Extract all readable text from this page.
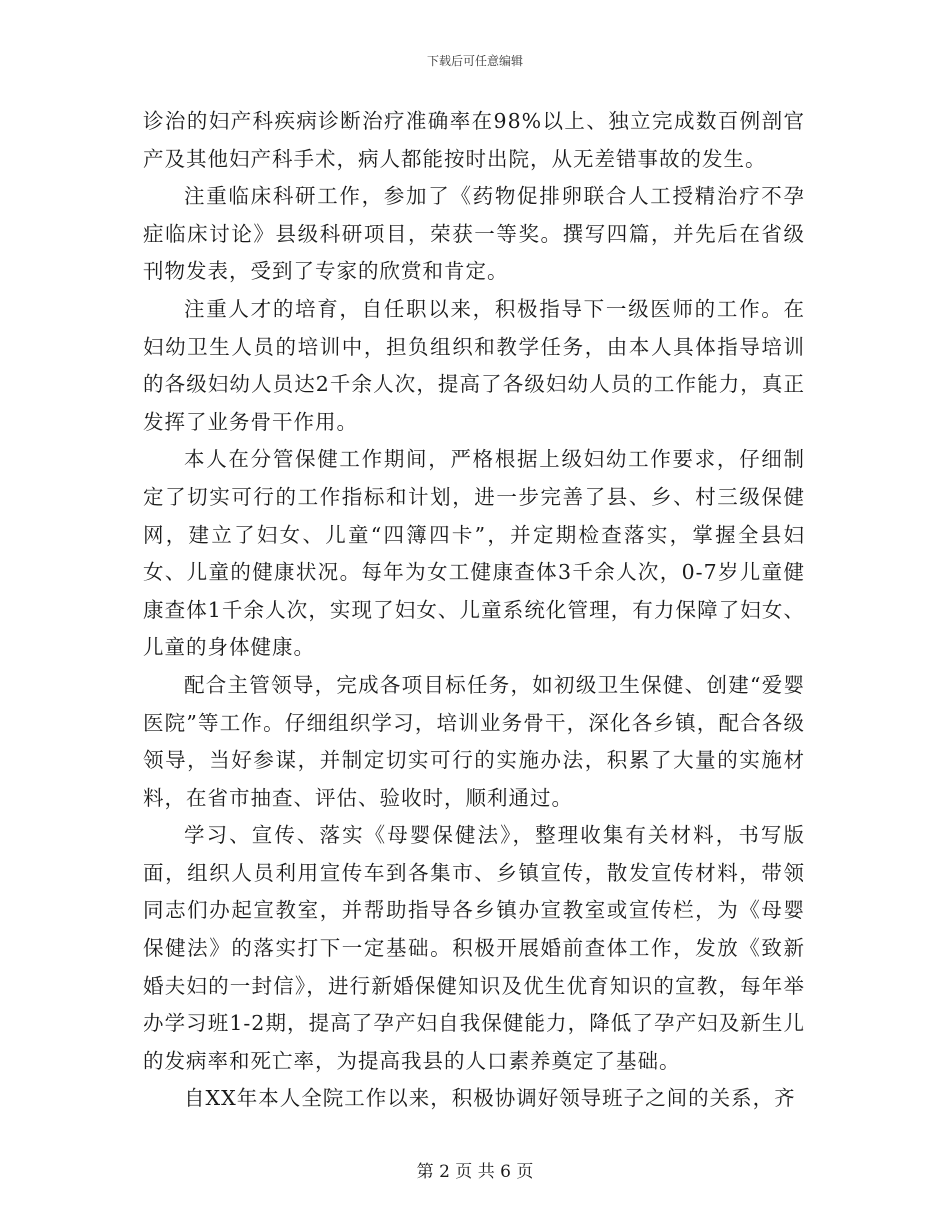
下载后可任意编辑

诊治的妇产科疾病诊断治疗准确率在98%以上、独立完成数百例剖官产及其他妇产科手术，病人都能按时出院，从无差错事故的发生。

注重临床科研工作，参加了《药物促排卵联合人工授精治疗不孕症临床讨论》县级科研项目，荣获一等奖。撰写四篇，并先后在省级刊物发表，受到了专家的欣赏和肯定。

注重人才的培育，自任职以来，积极指导下一级医师的工作。在妇幼卫生人员的培训中，担负组织和教学任务，由本人具体指导培训的各级妇幼人员达2千余人次，提高了各级妇幼人员的工作能力，真正发挥了业务骨干作用。

本人在分管保健工作期间，严格根据上级妇幼工作要求，仔细制定了切实可行的工作指标和计划，进一步完善了县、乡、村三级保健网，建立了妇女、儿童“四簿四卡”，并定期检查落实，掌握全县妇女、儿童的健康状况。每年为女工健康查体3千余人次，0-7岁儿童健康查体1千余人次，实现了妇女、儿童系统化管理，有力保障了妇女、儿童的身体健康。

配合主管领导，完成各项目标任务，如初级卫生保健、创建“爱婴医院”等工作。仔细组织学习，培训业务骨干，深化各乡镇，配合各级领导，当好参谋，并制定切实可行的实施办法，积累了大量的实施材料，在省市抽查、评估、验收时，顺利通过。

学习、宣传、落实《母婴保健法》，整理收集有关材料，书写版面，组织人员利用宣传车到各集市、乡镇宣传，散发宣传材料，带领同志们办起宣教室，并帮助指导各乡镇办宣教室或宣传栏，为《母婴保健法》的落实打下一定基础。积极开展婚前查体工作，发放《致新婚夫妇的一封信》，进行新婚保健知识及优生优育知识的宣教，每年举办学习班1-2期，提高了孕产妇自我保健能力，降低了孕产妇及新生儿的发病率和死亡率，为提高我县的人口素养奠定了基础。

自XX年本人全院工作以来，积极协调好领导班子之间的关系，齐

第 2 页 共 6 页
